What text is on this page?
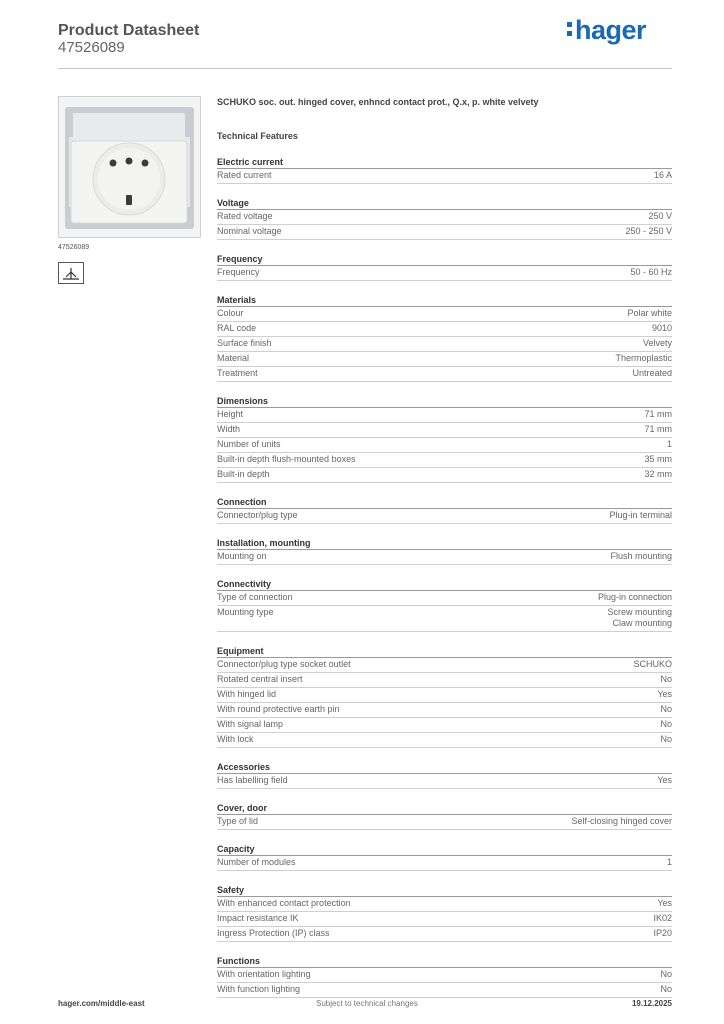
Product Datasheet
47526089
hager
47526089
SCHUKO soc. out. hinged cover, enhncd contact prot., Q.x, p. white velvety
Technical Features
Electric current
Rated current	16 A
Voltage
Rated voltage	250 V
Nominal voltage	250 - 250 V
Frequency
Frequency	50 - 60 Hz
Materials
Colour	Polar white
RAL code	9010
Surface finish	Velvety
Material	Thermoplastic
Treatment	Untreated
Dimensions
Height	71 mm
Width	71 mm
Number of units	1
Built-in depth flush-mounted boxes	35 mm
Built-in depth	32 mm
Connection
Connector/plug type	Plug-in terminal
Installation, mounting
Mounting on	Flush mounting
Connectivity
Type of connection	Plug-in connection
Mounting type	Screw mounting
Claw mounting
Equipment
Connector/plug type socket outlet	SCHUKO
Rotated central insert	No
With hinged lid	Yes
With round protective earth pin	No
With signal lamp	No
With lock	No
Accessories
Has labelling field	Yes
Cover, door
Type of lid	Self-closing hinged cover
Capacity
Number of modules	1
Safety
With enhanced contact protection	Yes
Impact resistance IK	IK02
Ingress Protection (IP) class	IP20
Functions
With orientation lighting	No
With function lighting	No
hager.com/middle-east	Subject to technical changes	19.12.2025
